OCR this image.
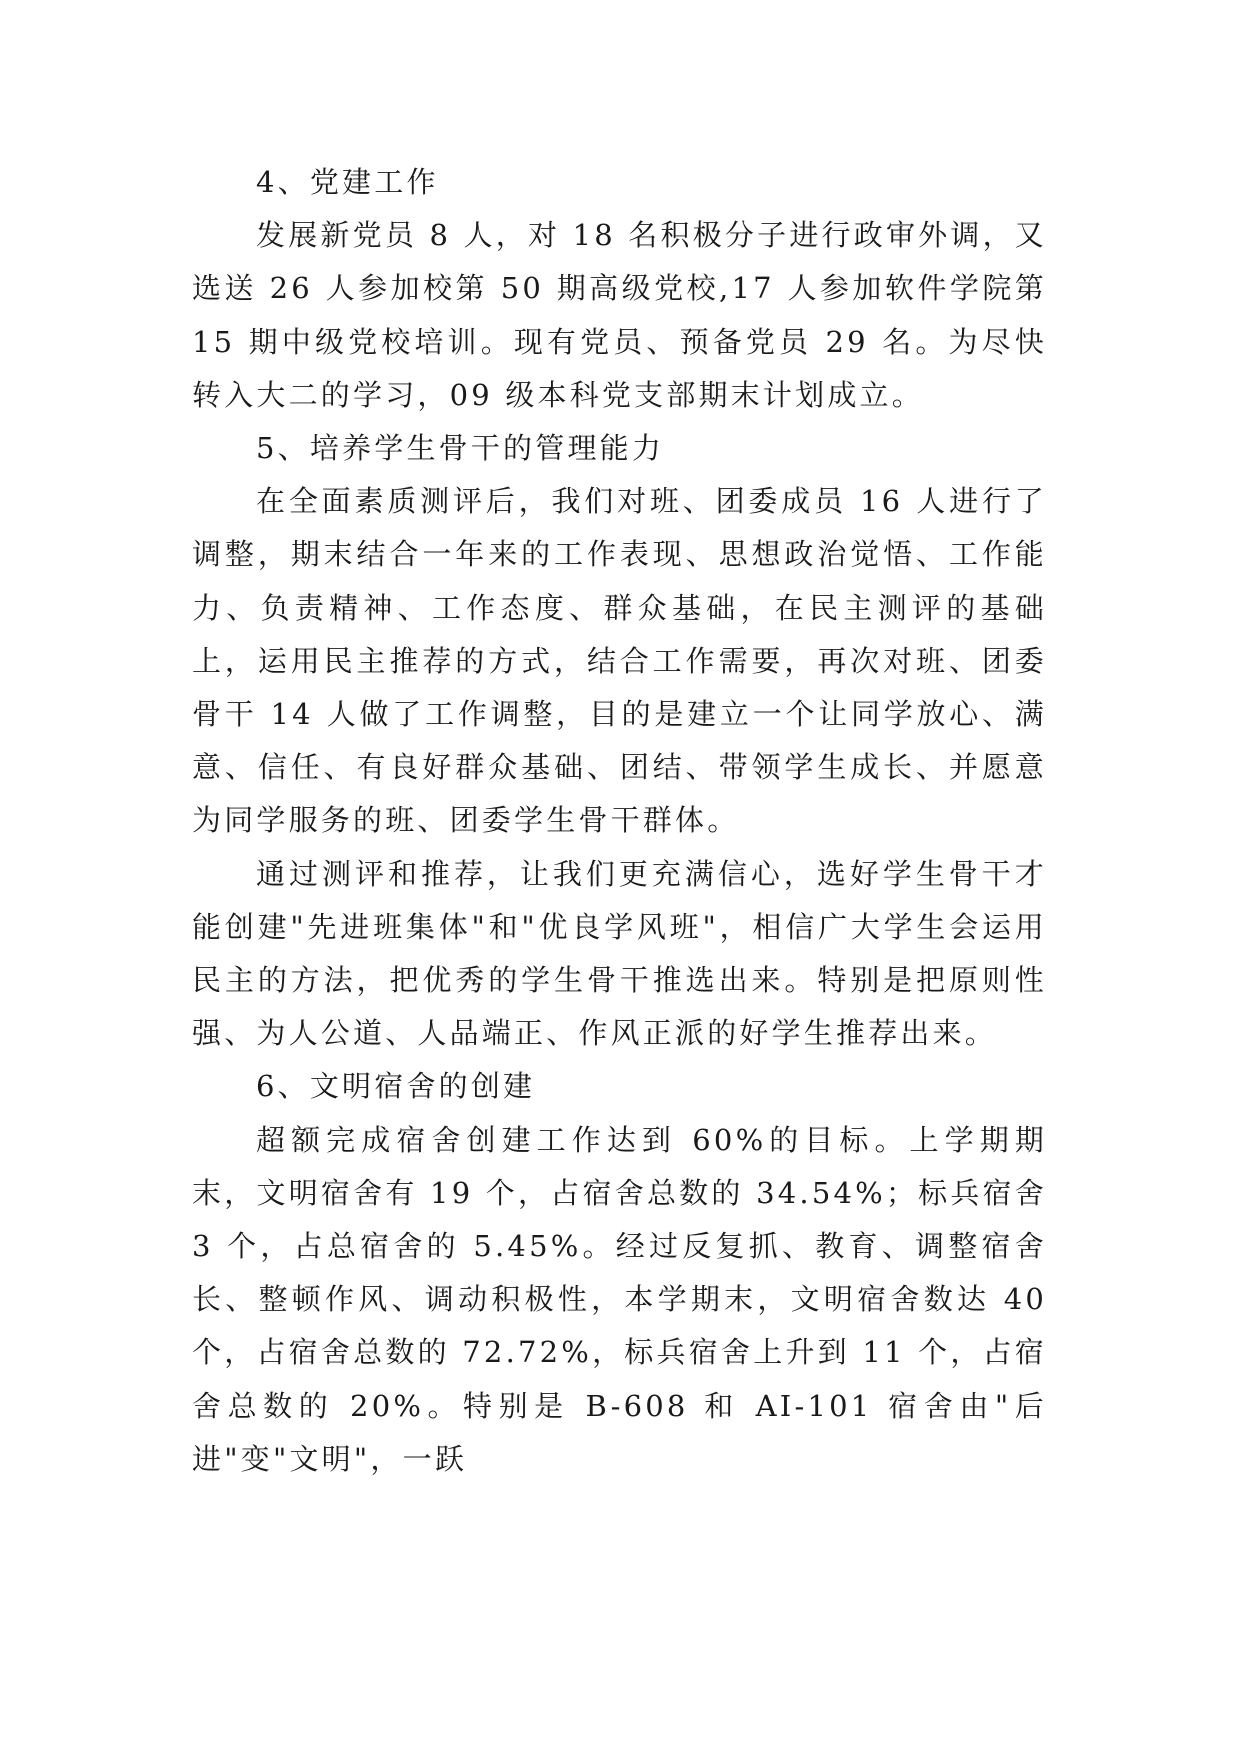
4、党建工作

发展新党员 8 人，对 18 名积极分子进行政审外调，又选送 26 人参加校第 50 期高级党校,17 人参加软件学院第 15 期中级党校培训。现有党员、预备党员 29 名。为尽快转入大二的学习，09 级本科党支部期末计划成立。

5、培养学生骨干的管理能力

在全面素质测评后，我们对班、团委成员 16 人进行了调整，期末结合一年来的工作表现、思想政治觉悟、工作能力、负责精神、工作态度、群众基础，在民主测评的基础上，运用民主推荐的方式，结合工作需要，再次对班、团委骨干 14 人做了工作调整，目的是建立一个让同学放心、满意、信任、有良好群众基础、团结、带领学生成长、并愿意为同学服务的班、团委学生骨干群体。

通过测评和推荐，让我们更充满信心，选好学生骨干才能创建"先进班集体"和"优良学风班"，相信广大学生会运用民主的方法，把优秀的学生骨干推选出来。特别是把原则性强、为人公道、人品端正、作风正派的好学生推荐出来。

6、文明宿舍的创建

超额完成宿舍创建工作达到 60%的目标。上学期期末，文明宿舍有 19 个，占宿舍总数的 34.54%；标兵宿舍 3 个，占总宿舍的 5.45%。经过反复抓、教育、调整宿舍长、整顿作风、调动积极性，本学期末，文明宿舍数达 40 个，占宿舍总数的 72.72%，标兵宿舍上升到 11 个，占宿舍总数的 20%。特别是 B-608 和 AI-101 宿舍由"后进"变"文明"，一跃
